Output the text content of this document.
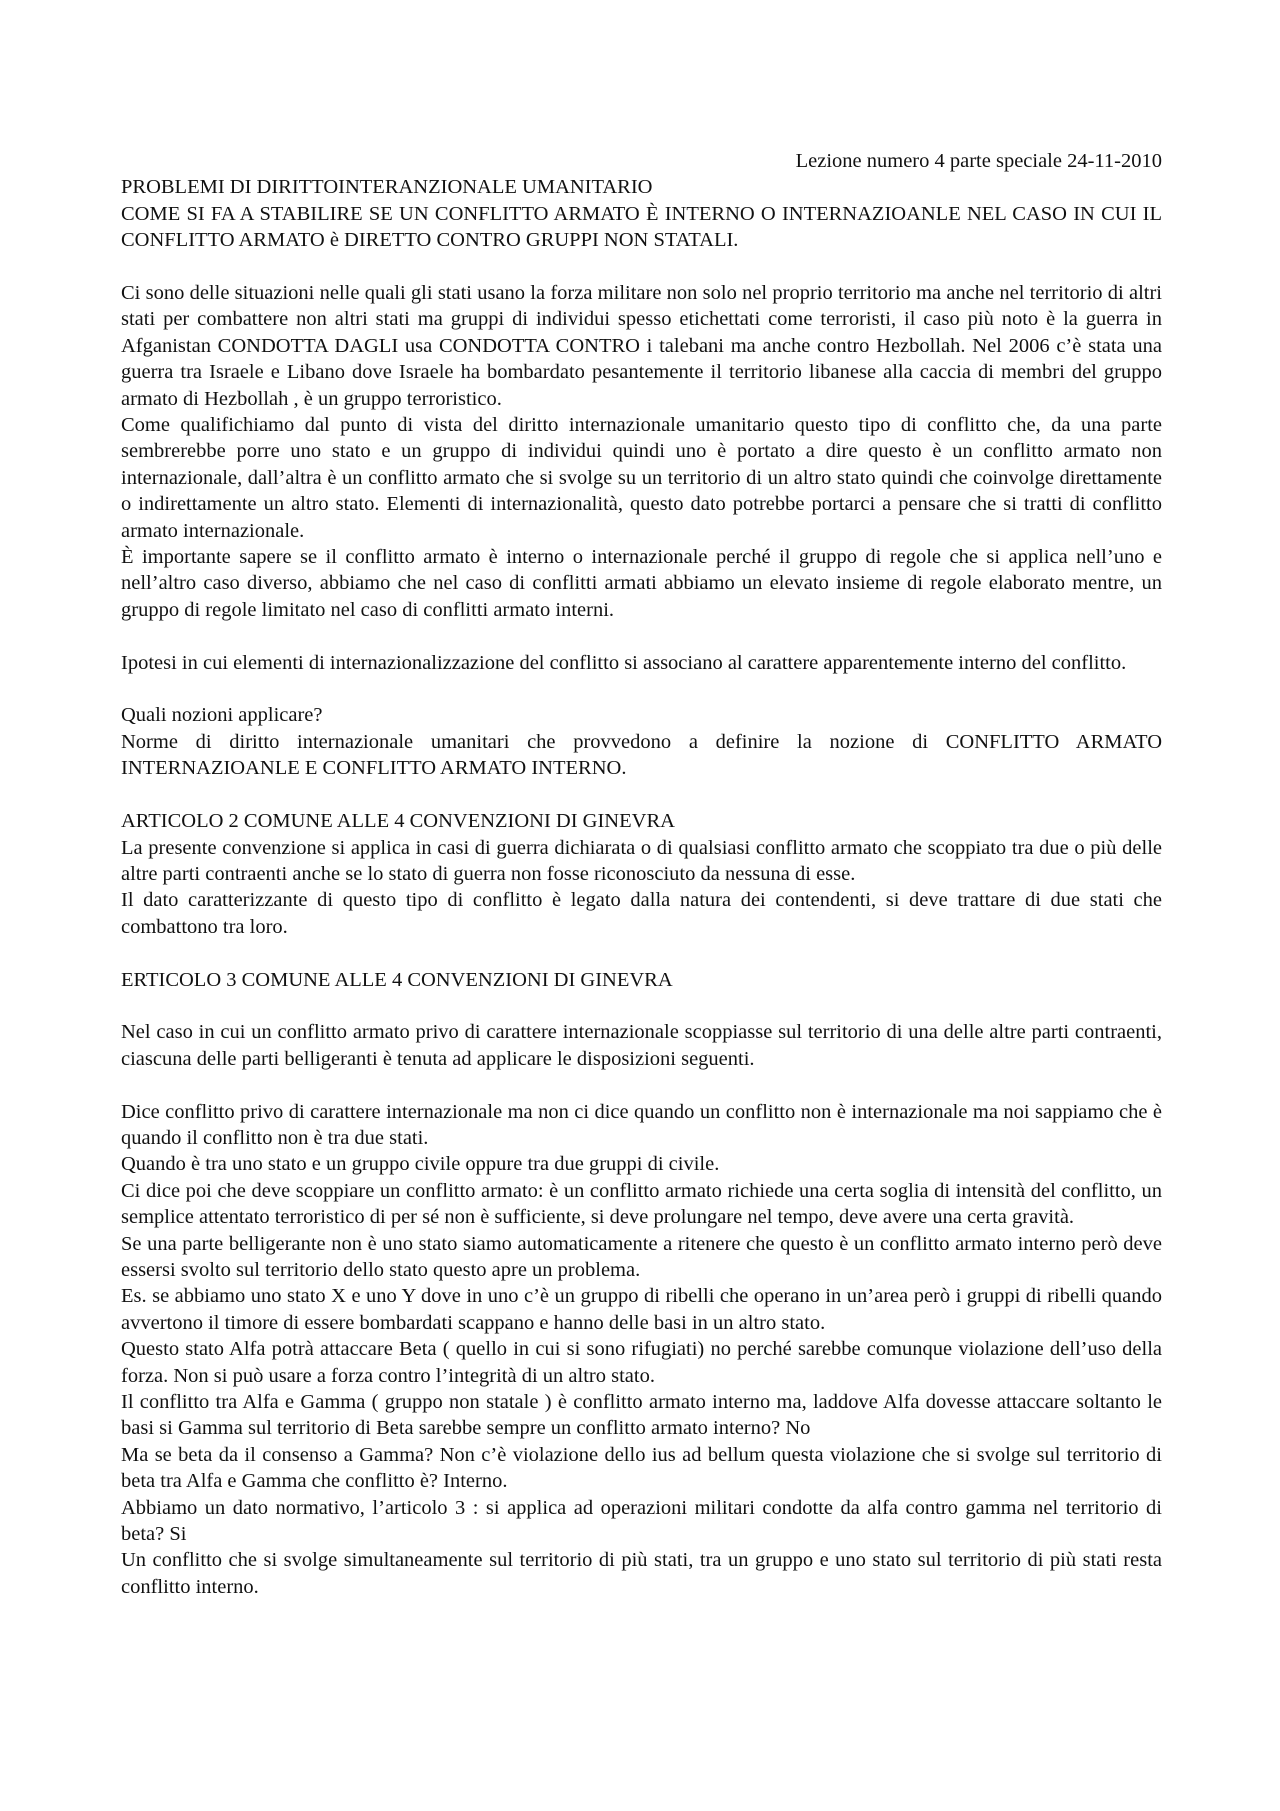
Lezione numero 4 parte speciale 24-11-2010

PROBLEMI DI DIRITTOINTERANZIONALE UMANITARIO

COME SI FA A STABILIRE SE UN CONFLITTO ARMATO È INTERNO O INTERNAZIOANLE NEL CASO IN CUI IL CONFLITTO ARMATO è DIRETTO CONTRO GRUPPI NON STATALI.

Ci sono delle situazioni nelle quali gli stati usano la forza militare non solo nel proprio territorio ma anche nel territorio di altri stati per combattere non altri stati ma gruppi di individui spesso etichettati come terroristi, il caso più noto è la guerra in Afganistan CONDOTTA DAGLI usa CONDOTTA CONTRO i talebani ma anche contro Hezbollah. Nel 2006 c’è stata una guerra tra Israele e Libano dove Israele ha bombardato pesantemente il territorio libanese alla caccia di membri del gruppo armato di Hezbollah , è un gruppo terroristico.

Come qualifichiamo dal punto di vista del diritto internazionale umanitario questo tipo di conflitto che, da una parte sembrerebbe porre uno stato e un gruppo di individui quindi uno è portato a dire questo è un conflitto armato non internazionale, dall’altra è un conflitto armato che si svolge su un territorio di un altro stato quindi che coinvolge direttamente o indirettamente un altro stato. Elementi di internazionalità, questo dato potrebbe portarci a pensare che si tratti di conflitto armato internazionale.

È importante sapere se il conflitto armato è interno o internazionale perché il gruppo di regole che si applica nell’uno e nell’altro caso diverso, abbiamo che nel caso di conflitti armati abbiamo un elevato insieme di regole elaborato mentre, un gruppo di regole limitato nel caso di conflitti armato interni.

Ipotesi in cui elementi di internazionalizzazione del conflitto si associano al carattere apparentemente interno del conflitto.

Quali nozioni applicare?

Norme di diritto internazionale umanitari che provvedono a definire la nozione di CONFLITTO ARMATO INTERNAZIOANLE E CONFLITTO ARMATO INTERNO.

ARTICOLO 2 COMUNE ALLE 4 CONVENZIONI DI GINEVRA

La presente convenzione si applica in casi di guerra dichiarata o di qualsiasi conflitto armato che scoppiato tra due o più delle altre parti contraenti anche se lo stato di guerra non fosse riconosciuto da nessuna di esse.

Il dato caratterizzante di questo tipo di conflitto è legato dalla natura dei contendenti, si deve trattare di due stati che combattono tra loro.

ERTICOLO 3 COMUNE ALLE 4 CONVENZIONI DI GINEVRA

Nel caso in cui un conflitto armato privo di carattere internazionale scoppiasse sul territorio di una delle altre parti contraenti, ciascuna delle parti belligeranti è tenuta ad applicare le disposizioni seguenti.

Dice conflitto privo di carattere internazionale ma non ci dice quando un conflitto non è internazionale ma noi sappiamo che è quando il conflitto non è tra due stati.

Quando è tra uno stato e un gruppo civile oppure tra due gruppi di civile.

Ci dice poi che deve scoppiare un conflitto armato: è un conflitto armato richiede una certa soglia di intensità del conflitto, un semplice attentato terroristico di per sé non è sufficiente, si deve prolungare nel tempo, deve avere una certa gravità.

Se una parte belligerante non è uno stato siamo automaticamente a ritenere che questo è un conflitto armato interno però deve essersi svolto sul territorio dello stato questo apre un problema.

Es. se abbiamo uno stato X e uno Y dove in uno c’è un gruppo di ribelli che operano in un’area però i gruppi di ribelli quando avvertono il timore di essere bombardati scappano e hanno delle basi in un altro stato.

Questo stato Alfa potrà attaccare Beta ( quello in cui si sono rifugiati) no perché sarebbe comunque violazione dell’uso della forza. Non si può usare a forza contro l’integrità di un altro stato.

Il conflitto tra Alfa e Gamma ( gruppo non statale ) è conflitto armato interno ma, laddove Alfa dovesse attaccare soltanto le basi si Gamma sul territorio di Beta sarebbe sempre un conflitto armato interno? No

Ma se beta da il consenso a Gamma? Non c’è violazione dello ius ad bellum questa violazione che si svolge sul territorio di beta tra Alfa e Gamma che conflitto è? Interno.

Abbiamo un dato normativo, l’articolo 3 : si applica ad operazioni militari condotte da alfa contro gamma nel territorio di beta? Si

Un conflitto che si svolge simultaneamente sul territorio di più stati, tra un gruppo e uno stato sul territorio di più stati resta conflitto interno.
